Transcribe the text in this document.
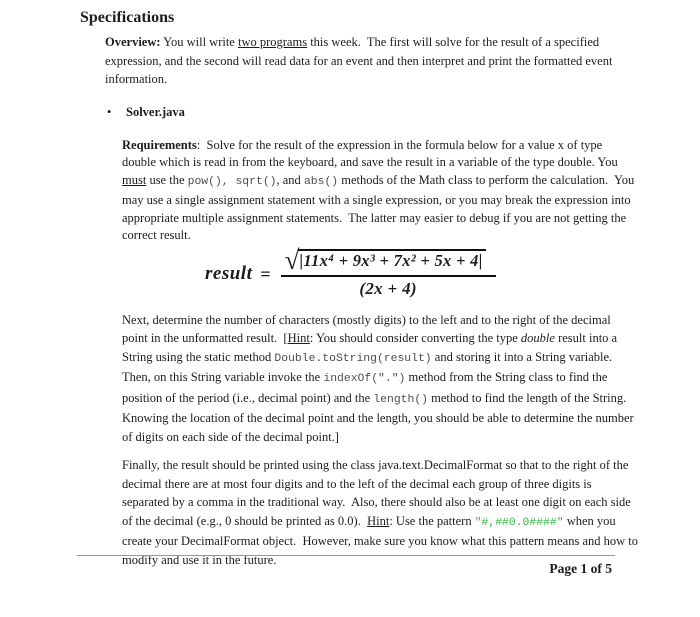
Specifications

Overview: You will write two programs this week.  The first will solve for the result of a specified expression, and the second will read data for an event and then interpret and print the formatted event information.

•	Solver.java

Requirements:  Solve for the result of the expression in the formula below for a value x of type double which is read in from the keyboard, and save the result in a variable of the type double. You must use the pow(), sqrt(), and abs() methods of the Math class to perform the calculation.  You may use a single assignment statement with a single expression, or you may break the expression into appropriate multiple assignment statements.  The latter may easier to debug if you are not getting the correct result.

result = $\frac{\text{√ |11x⁴ + 9x³ + 7x² + 5x + 4|}}{(2x + 4)}$

Next, determine the number of characters (mostly digits) to the left and to the right of the decimal point in the unformatted result.  [Hint: You should consider converting the type double result into a String using the static method Double.toString(result) and storing it into a String variable. Then, on this String variable invoke the indexOf(".") method from the String class to find the position of the period (i.e., decimal point) and the length() method to find the length of the String.  Knowing the location of the decimal point and the length, you should be able to determine the number of digits on each side of the decimal point.]

Finally, the result should be printed using the class java.text.DecimalFormat so that to the right of the decimal there are at most four digits and to the left of the decimal each group of three digits is separated by a comma in the traditional way.  Also, there should also be at least one digit on each side of the decimal (e.g., 0 should be printed as 0.0).  Hint: Use the pattern "#,##0.0####" when you create your DecimalFormat object.  However, make sure you know what this pattern means and how to modify and use it in the future.

Page 1 of 5
